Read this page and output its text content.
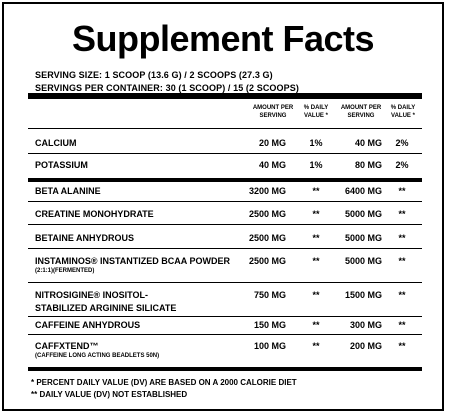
Supplement Facts
SERVING SIZE: 1 SCOOP (13.6 G) / 2 SCOOPS (27.3 G)
SERVINGS PER CONTAINER: 30 (1 SCOOP) / 15 (2 SCOOPS)
AMOUNT PER
SERVING
% DAILY
VALUE *
AMOUNT PER
SERVING
% DAILY
VALUE *
CALCIUM	20 MG	1%	40 MG	2%
POTASSIUM	40 MG	1%	80 MG	2%
BETA ALANINE	3200 MG	**	6400 MG	**
CREATINE MONOHYDRATE	2500 MG	**	5000 MG	**
BETAINE ANHYDROUS	2500 MG	**	5000 MG	**
INSTAMINOS® INSTANTIZED BCAA POWDER
(2:1:1)(FERMENTED)
2500 MG	**	5000 MG	**
NITROSIGINE® INOSITOL-
STABILIZED ARGININE SILICATE
750 MG	**	1500 MG	**
CAFFEINE ANHYDROUS	150 MG	**	300 MG	**
CAFFXTEND™
(CAFFEINE LONG ACTING BEADLETS 50N)
100 MG	**	200 MG	**
* PERCENT DAILY VALUE (DV) ARE BASED ON A 2000 CALORIE DIET
** DAILY VALUE (DV) NOT ESTABLISHED
